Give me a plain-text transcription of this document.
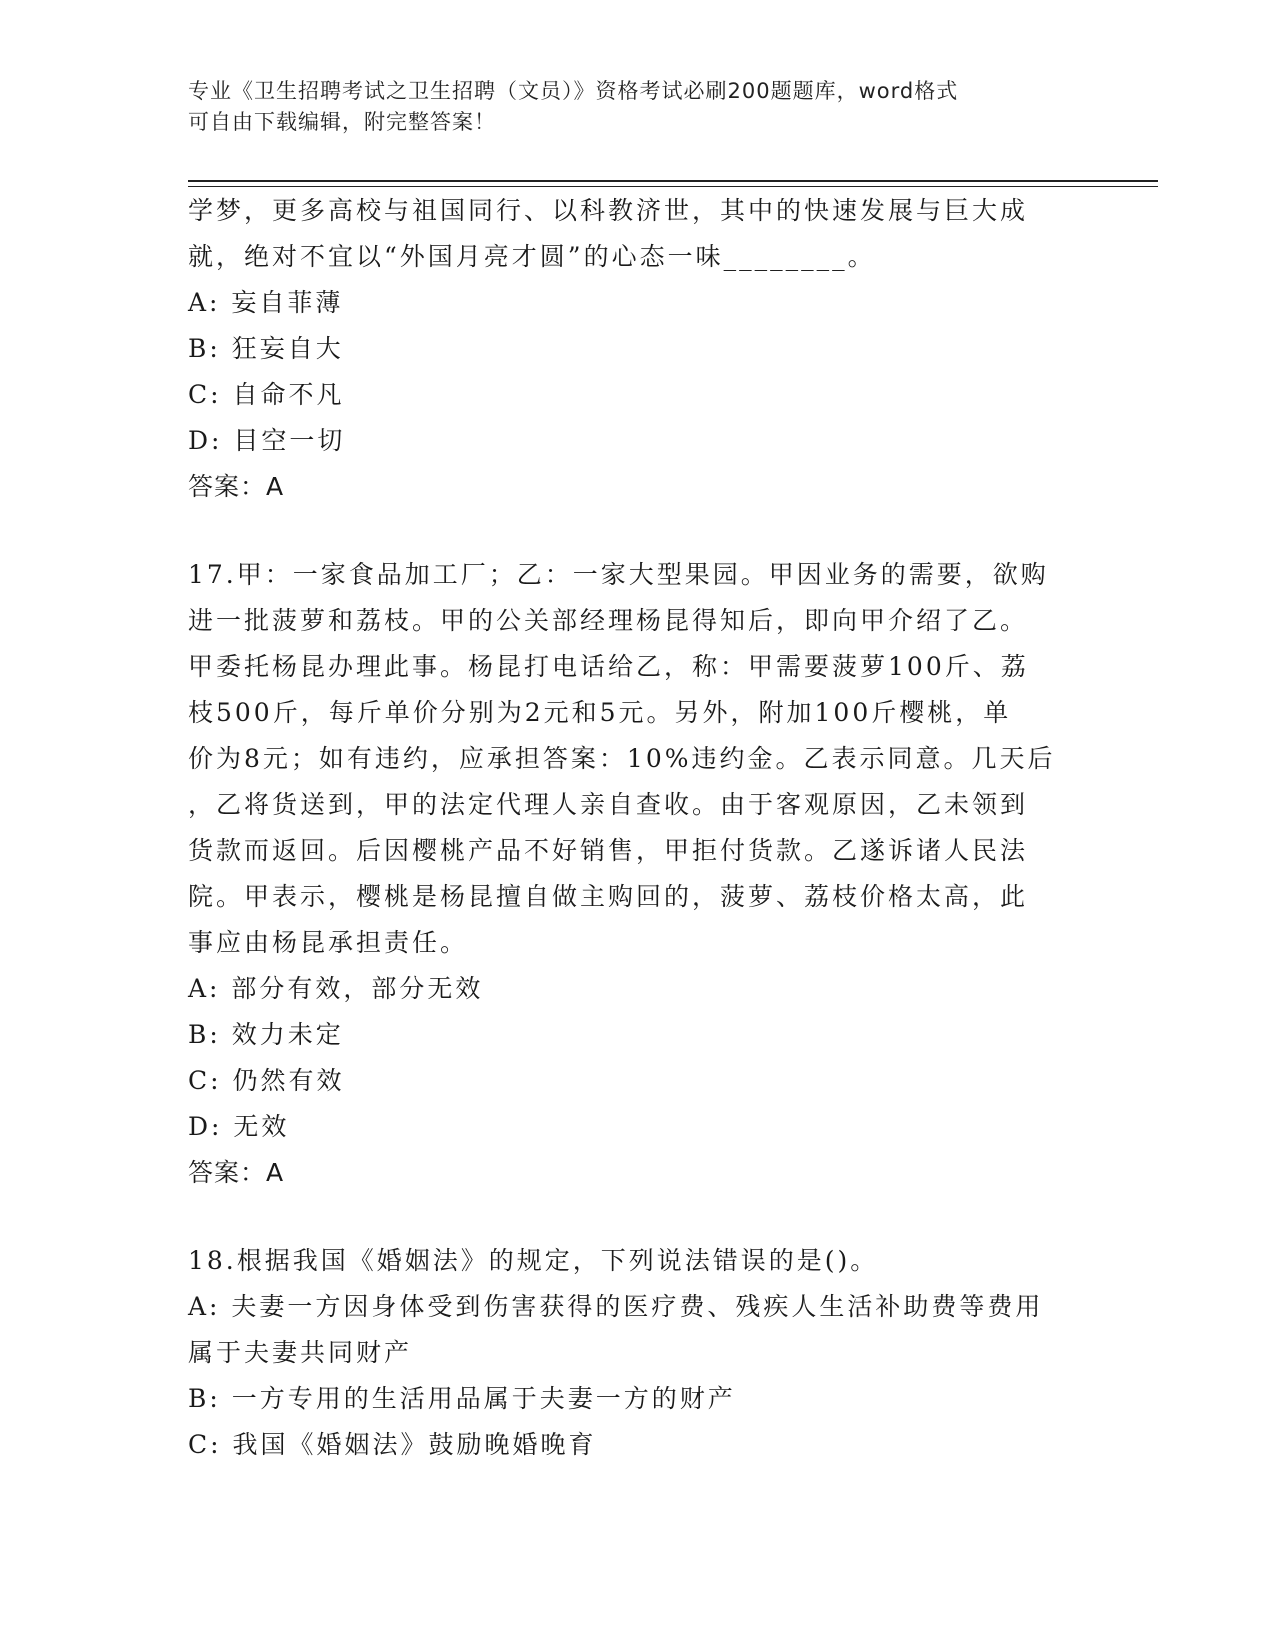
专业《卫生招聘考试之卫生招聘（文员）》资格考试必刷200题题库，word格式
可自由下载编辑，附完整答案！
学梦，更多高校与祖国同行、以科教济世，其中的快速发展与巨大成
就，绝对不宜以“外国月亮才圆”的心态一味________。
A: 妄自菲薄
B: 狂妄自大
C: 自命不凡
D: 目空一切
答案：A
17.甲：一家食品加工厂；乙：一家大型果园。甲因业务的需要，欲购
进一批菠萝和荔枝。甲的公关部经理杨昆得知后，即向甲介绍了乙。
甲委托杨昆办理此事。杨昆打电话给乙，称：甲需要菠萝100斤、荔
枝500斤，每斤单价分别为2元和5元。另外，附加100斤樱桃，单
价为8元；如有违约，应承担答案：10%违约金。乙表示同意。几天后
，乙将货送到，甲的法定代理人亲自查收。由于客观原因，乙未领到
货款而返回。后因樱桃产品不好销售，甲拒付货款。乙遂诉诸人民法
院。甲表示，樱桃是杨昆擅自做主购回的，菠萝、荔枝价格太高，此
事应由杨昆承担责任。
A: 部分有效，部分无效
B: 效力未定
C: 仍然有效
D: 无效
答案：A
18.根据我国《婚姻法》的规定，下列说法错误的是()。
A: 夫妻一方因身体受到伤害获得的医疗费、残疾人生活补助费等费用
属于夫妻共同财产
B: 一方专用的生活用品属于夫妻一方的财产
C: 我国《婚姻法》鼓励晚婚晚育
